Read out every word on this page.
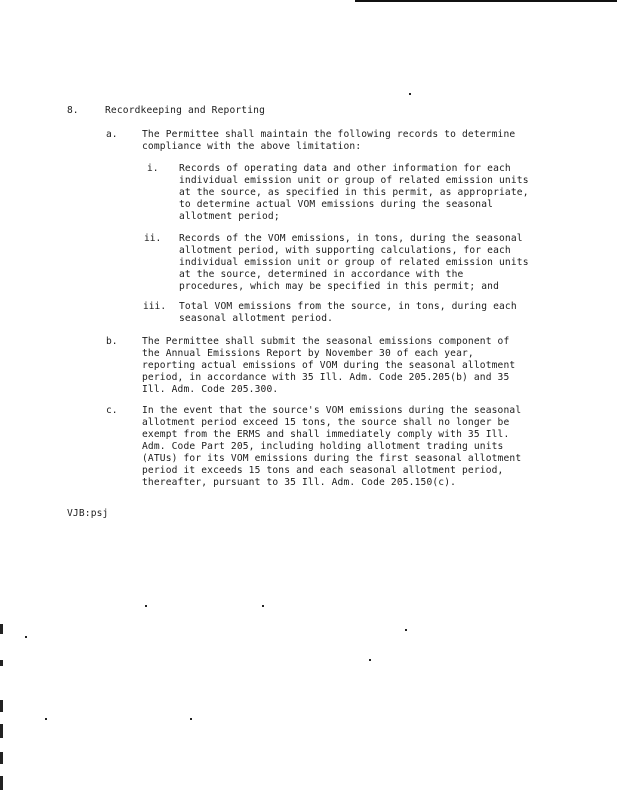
8.	Recordkeeping and Reporting
a.	The Permittee shall maintain the following records to determine
compliance with the above limitation:
i. Records of operating data and other information for each
individual emission unit or group of related emission units
at the source, as specified in this permit, as appropriate,
to determine actual VOM emissions during the seasonal
allotment period;
ii. Records of the VOM emissions, in tons, during the seasonal
allotment period, with supporting calculations, for each
individual emission unit or group of related emission units
at the source, determined in accordance with the
procedures, which may be specified in this permit; and
iii. Total VOM emissions from the source, in tons, during each
seasonal allotment period.
b.	The Permittee shall submit the seasonal emissions component of
the Annual Emissions Report by November 30 of each year,
reporting actual emissions of VOM during the seasonal allotment
period, in accordance with 35 Ill. Adm. Code 205.205(b) and 35
Ill. Adm. Code 205.300.
c.	In the event that the source's VOM emissions during the seasonal
allotment period exceed 15 tons, the source shall no longer be
exempt from the ERMS and shall immediately comply with 35 Ill.
Adm. Code Part 205, including holding allotment trading units
(ATUs) for its VOM emissions during the first seasonal allotment
period it exceeds 15 tons and each seasonal allotment period,
thereafter, pursuant to 35 Ill. Adm. Code 205.150(c).
VJB:psj
